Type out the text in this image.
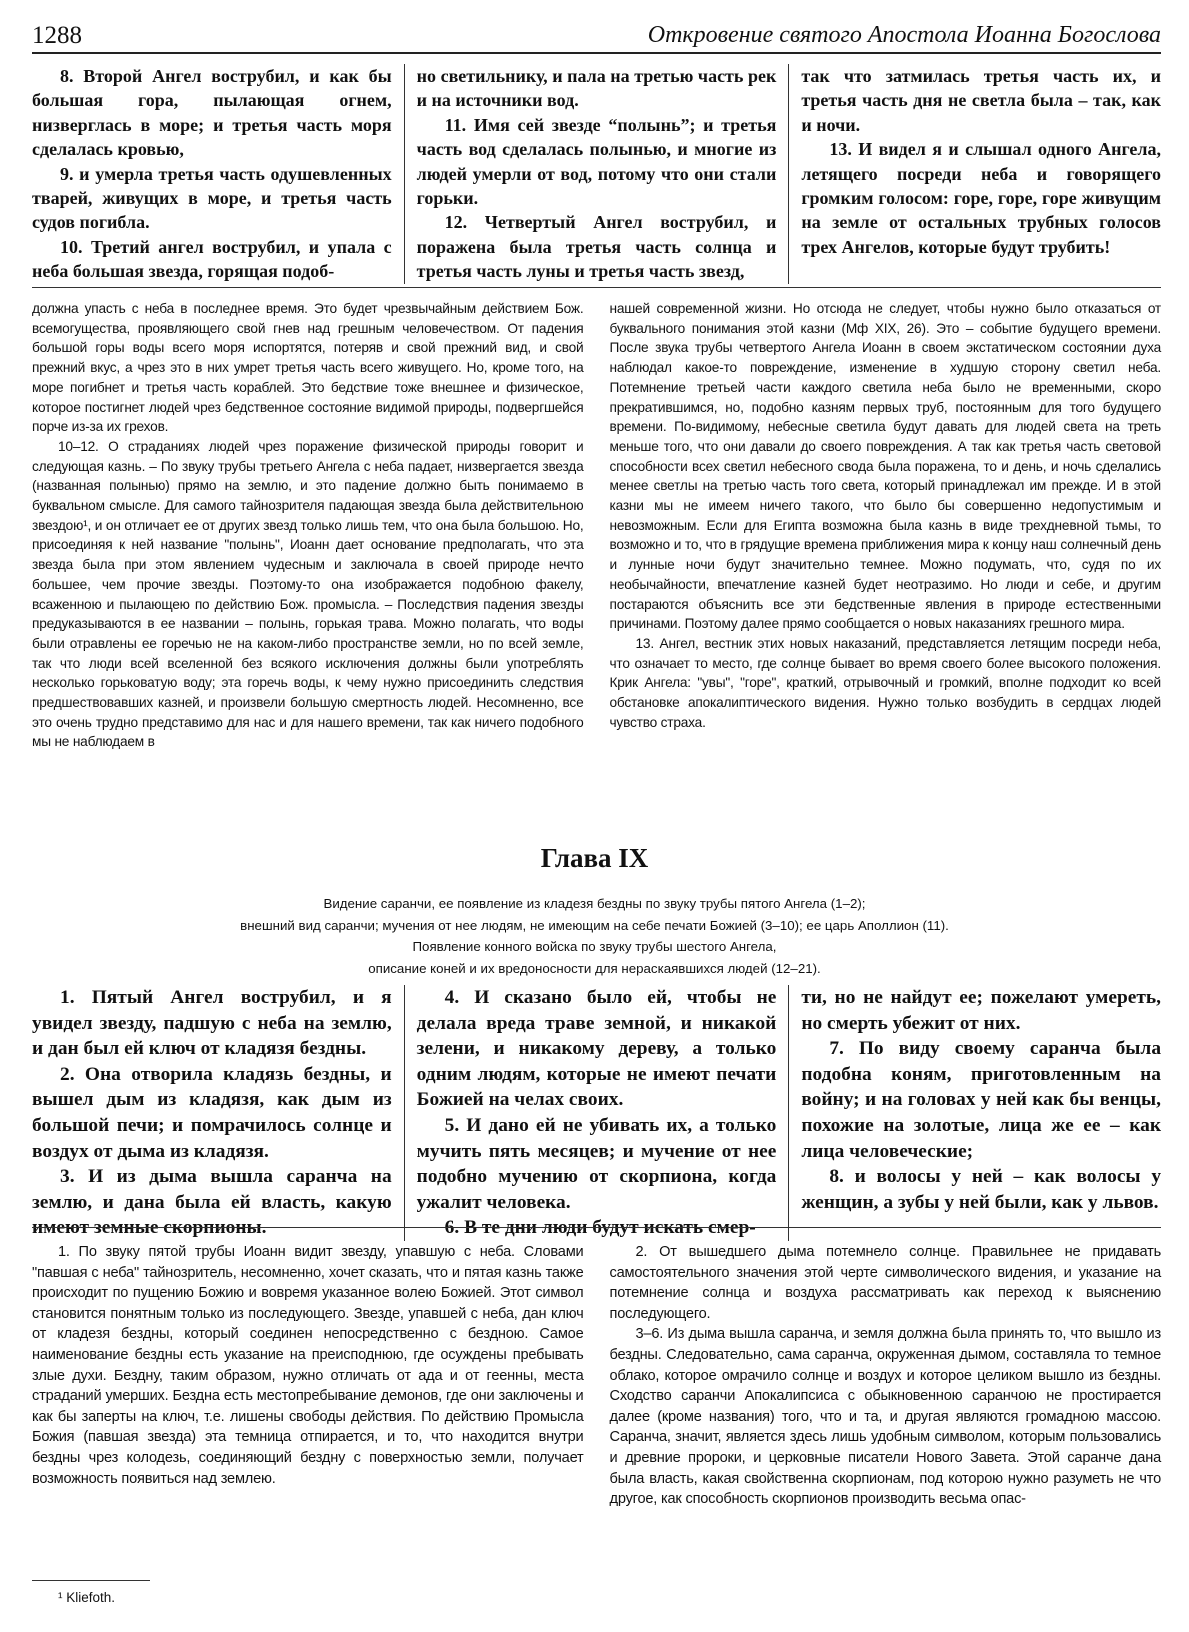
1288	Откровение святого Апостола Иоанна Богослова

8. Второй Ангел вострубил, и как бы большая гора, пылающая огнем, низверглась в море; и третья часть моря сделалась кровью,

9. и умерла третья часть одушевленных тварей, живущих в море, и третья часть судов погибла.

10. Третий ангел вострубил, и упала с неба большая звезда, горящая подоб-

но светильнику, и пала на третью часть рек и на источники вод.

11. Имя сей звезде “полынь”; и третья часть вод сделалась полынью, и многие из людей умерли от вод, потому что они стали горьки.

12. Четвертый Ангел вострубил, и поражена была третья часть солнца и третья часть луны и третья часть звезд,

так что затмилась третья часть их, и третья часть дня не светла была – так, как и ночи.

13. И видел я и слышал одного Ангела, летящего посреди неба и говорящего громким голосом: горе, горе, горе живущим на земле от остальных трубных голосов трех Ангелов, которые будут трубить!

должна упасть с неба в последнее время. Это будет чрезвычайным действием Бож. всемогущества, проявляющего свой гнев над грешным человечеством. От падения большой горы воды всего моря испортятся, потеряв и свой прежний вид, и свой прежний вкус, а чрез это в них умрет третья часть всего живущего. Но, кроме того, на море погибнет и третья часть кораблей. Это бедствие тоже внешнее и физическое, которое постигнет людей чрез бедственное состояние видимой природы, подвергшейся порче из-за их грехов.

10–12. О страданиях людей чрез поражение физической природы говорит и следующая казнь. – По звуку трубы третьего Ангела с неба падает, низвергается звезда (названная полынью) прямо на землю, и это падение должно быть понимаемо в буквальном смысле. Для самого тайнозрителя падающая звезда была действительною звездою¹, и он отличает ее от других звезд только лишь тем, что она была большою. Но, присоединяя к ней название "полынь", Иоанн дает основание предполагать, что эта звезда была при этом явлением чудесным и заключала в своей природе нечто большее, чем прочие звезды. Поэтому-то она изображается подобною факелу, всаженною и пылающею по действию Бож. промысла. – Последствия падения звезды предуказываются в ее названии – полынь, горькая трава. Можно полагать, что воды были отравлены ее горечью не на каком-либо пространстве земли, но по всей земле, так что люди всей вселенной без всякого исключения должны были употреблять несколько горьковатую воду; эта горечь воды, к чему нужно присоединить следствия предшествовавших казней, и произвели большую смертность людей. Несомненно, все это очень трудно представимо для нас и для нашего времени, так как ничего подобного мы не наблюдаем в

нашей современной жизни. Но отсюда не следует, чтобы нужно было отказаться от буквального понимания этой казни (Мф XIX, 26). Это – событие будущего времени. После звука трубы четвертого Ангела Иоанн в своем экстатическом состоянии духа наблюдал какое-то повреждение, изменение в худшую сторону светил неба. Потемнение третьей части каждого светила неба было не временными, скоро прекратившимся, но, подобно казням первых труб, постоянным для того будущего времени. По-видимому, небесные светила будут давать для людей света на треть меньше того, что они давали до своего повреждения. А так как третья часть световой способности всех светил небесного свода была поражена, то и день, и ночь сделались менее светлы на третью часть того света, который принадлежал им прежде. И в этой казни мы не имеем ничего такого, что было бы совершенно недопустимым и невозможным. Если для Египта возможна была казнь в виде трехдневной тьмы, то возможно и то, что в грядущие времена приближения мира к концу наш солнечный день и лунные ночи будут значительно темнее. Можно подумать, что, судя по их необычайности, впечатление казней будет неотразимо. Но люди и себе, и другим постараются объяснить все эти бедственные явления в природе естественными причинами. Поэтому далее прямо сообщается о новых наказаниях грешного мира.

13. Ангел, вестник этих новых наказаний, представляется летящим посреди неба, что означает то место, где солнце бывает во время своего более высокого положения. Крик Ангела: "увы", "горе", краткий, отрывочный и громкий, вполне подходит ко всей обстановке апокалиптического видения. Нужно только возбудить в сердцах людей чувство страха.

Глава IX
Видение саранчи, ее появление из кладезя бездны по звуку трубы пятого Ангела (1–2);
внешний вид саранчи; мучения от нее людям, не имеющим на себе печати Божией (3–10); ее царь Аполлион (11).
Появление конного войска по звуку трубы шестого Ангела,
описание коней и их вредоносности для нераскаявшихся людей (12–21).

1. Пятый Ангел вострубил, и я увидел звезду, падшую с неба на землю, и дан был ей ключ от кладязя бездны.

2. Она отворила кладязь бездны, и вышел дым из кладязя, как дым из большой печи; и помрачилось солнце и воздух от дыма из кладязя.

3. И из дыма вышла саранча на землю, и дана была ей власть, какую имеют земные скорпионы.

4. И сказано было ей, чтобы не делала вреда траве земной, и никакой зелени, и никакому дереву, а только одним людям, которые не имеют печати Божией на челах своих.

5. И дано ей не убивать их, а только мучить пять месяцев; и мучение от нее подобно мучению от скорпиона, когда ужалит человека.

6. В те дни люди будут искать смер-

ти, но не найдут ее; пожелают умереть, но смерть убежит от них.

7. По виду своему саранча была подобна коням, приготовленным на войну; и на головах у ней как бы венцы, похожие на золотые, лица же ее – как лица человеческие;

8. и волосы у ней – как волосы у женщин, а зубы у ней были, как у львов.

1. По звуку пятой трубы Иоанн видит звезду, упавшую с неба. Словами "павшая с неба" тайнозритель, несомненно, хочет сказать, что и пятая казнь также происходит по пущению Божию и вовремя указанное волею Божией. Этот символ становится понятным только из последующего. Звезде, упавшей с неба, дан ключ от кладезя бездны, который соединен непосредственно с бездною. Самое наименование бездны есть указание на преисподнюю, где осуждены пребывать злые духи. Бездну, таким образом, нужно отличать от ада и от геенны, места страданий умерших. Бездна есть местопребывание демонов, где они заключены и как бы заперты на ключ, т.е. лишены свободы действия. По действию Промысла Божия (павшая звезда) эта темница отпирается, и то, что находится внутри бездны чрез колодезь, соединяющий бездну с поверхностью земли, получает возможность появиться над землею.

2. От вышедшего дыма потемнело солнце. Правильнее не придавать самостоятельного значения этой черте символического видения, и указание на потемнение солнца и воздуха рассматривать как переход к выяснению последующего.

3–6. Из дыма вышла саранча, и земля должна была принять то, что вышло из бездны. Следовательно, сама саранча, окруженная дымом, составляла то темное облако, которое омрачило солнце и воздух и которое целиком вышло из бездны. Сходство саранчи Апокалипсиса с обыкновенною саранчою не простирается далее (кроме названия) того, что и та, и другая являются громадною массою. Саранча, значит, является здесь лишь удобным символом, которым пользовались и древние пророки, и церковные писатели Нового Завета. Этой саранче дана была власть, какая свойственна скорпионам, под которою нужно разуметь не что другое, как способность скорпионов производить весьма опас-

¹ Kliefoth.
